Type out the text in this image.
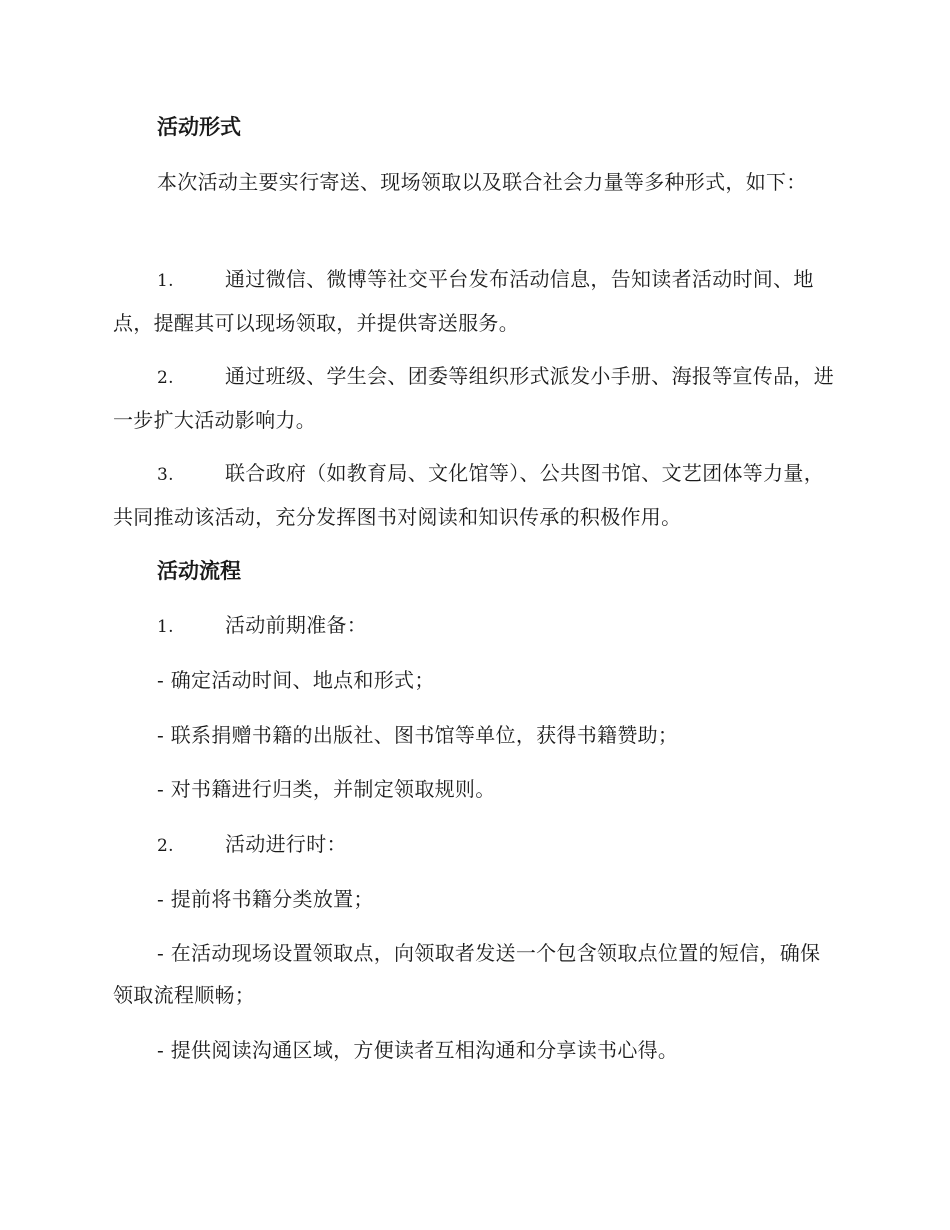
活动形式
本次活动主要实行寄送、现场领取以及联合社会力量等多种形式，如下：
1.	通过微信、微博等社交平台发布活动信息，告知读者活动时间、地点，提醒其可以现场领取，并提供寄送服务。
2.	通过班级、学生会、团委等组织形式派发小手册、海报等宣传品，进一步扩大活动影响力。
3.	联合政府（如教育局、文化馆等）、公共图书馆、文艺团体等力量，共同推动该活动，充分发挥图书对阅读和知识传承的积极作用。
活动流程
1.	活动前期准备：
- 确定活动时间、地点和形式；
- 联系捐赠书籍的出版社、图书馆等单位，获得书籍赞助；
- 对书籍进行归类，并制定领取规则。
2.	活动进行时：
- 提前将书籍分类放置；
- 在活动现场设置领取点，向领取者发送一个包含领取点位置的短信，确保领取流程顺畅；
- 提供阅读沟通区域，方便读者互相沟通和分享读书心得。
